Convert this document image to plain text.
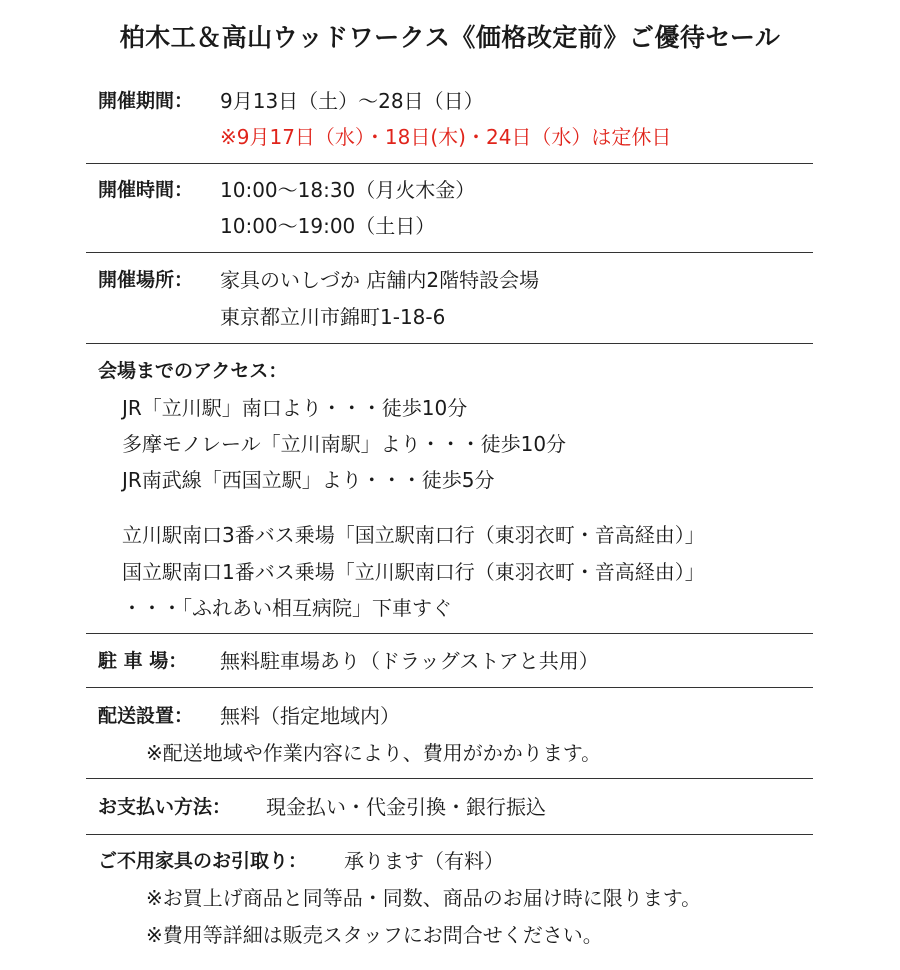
柏木工＆高山ウッドワークス《価格改定前》ご優待セール
開催期間： 9月13日（土）～28日（日）
※9月17日（水）・18日(木)・24日（水）は定休日
開催時間： 10:00～18:30（月火木金）
10:00～19:00（土日）
開催場所： 家具のいしづか 店舗内2階特設会場
東京都立川市錦町1-18-6
会場までのアクセス：
JR「立川駅」南口より・・・徒歩10分
多摩モノレール「立川南駅」より・・・徒歩10分
JR南武線「西国立駅」より・・・徒歩5分
立川駅南口3番バス乗場「国立駅南口行（東羽衣町・音高経由）」
国立駅南口1番バス乗場「立川駅南口行（東羽衣町・音高経由）」
・・・「ふれあい相互病院」下車すぐ
駐 車 場： 無料駐車場あり（ドラッグストアと共用）
配送設置： 無料（指定地域内）
※配送地域や作業内容により、費用がかかります。
お支払い方法： 現金払い・代金引換・銀行振込
ご不用家具のお引取り： 承ります（有料）
※お買上げ商品と同等品・同数、商品のお届け時に限ります。
※費用等詳細は販売スタッフにお問合せください。
